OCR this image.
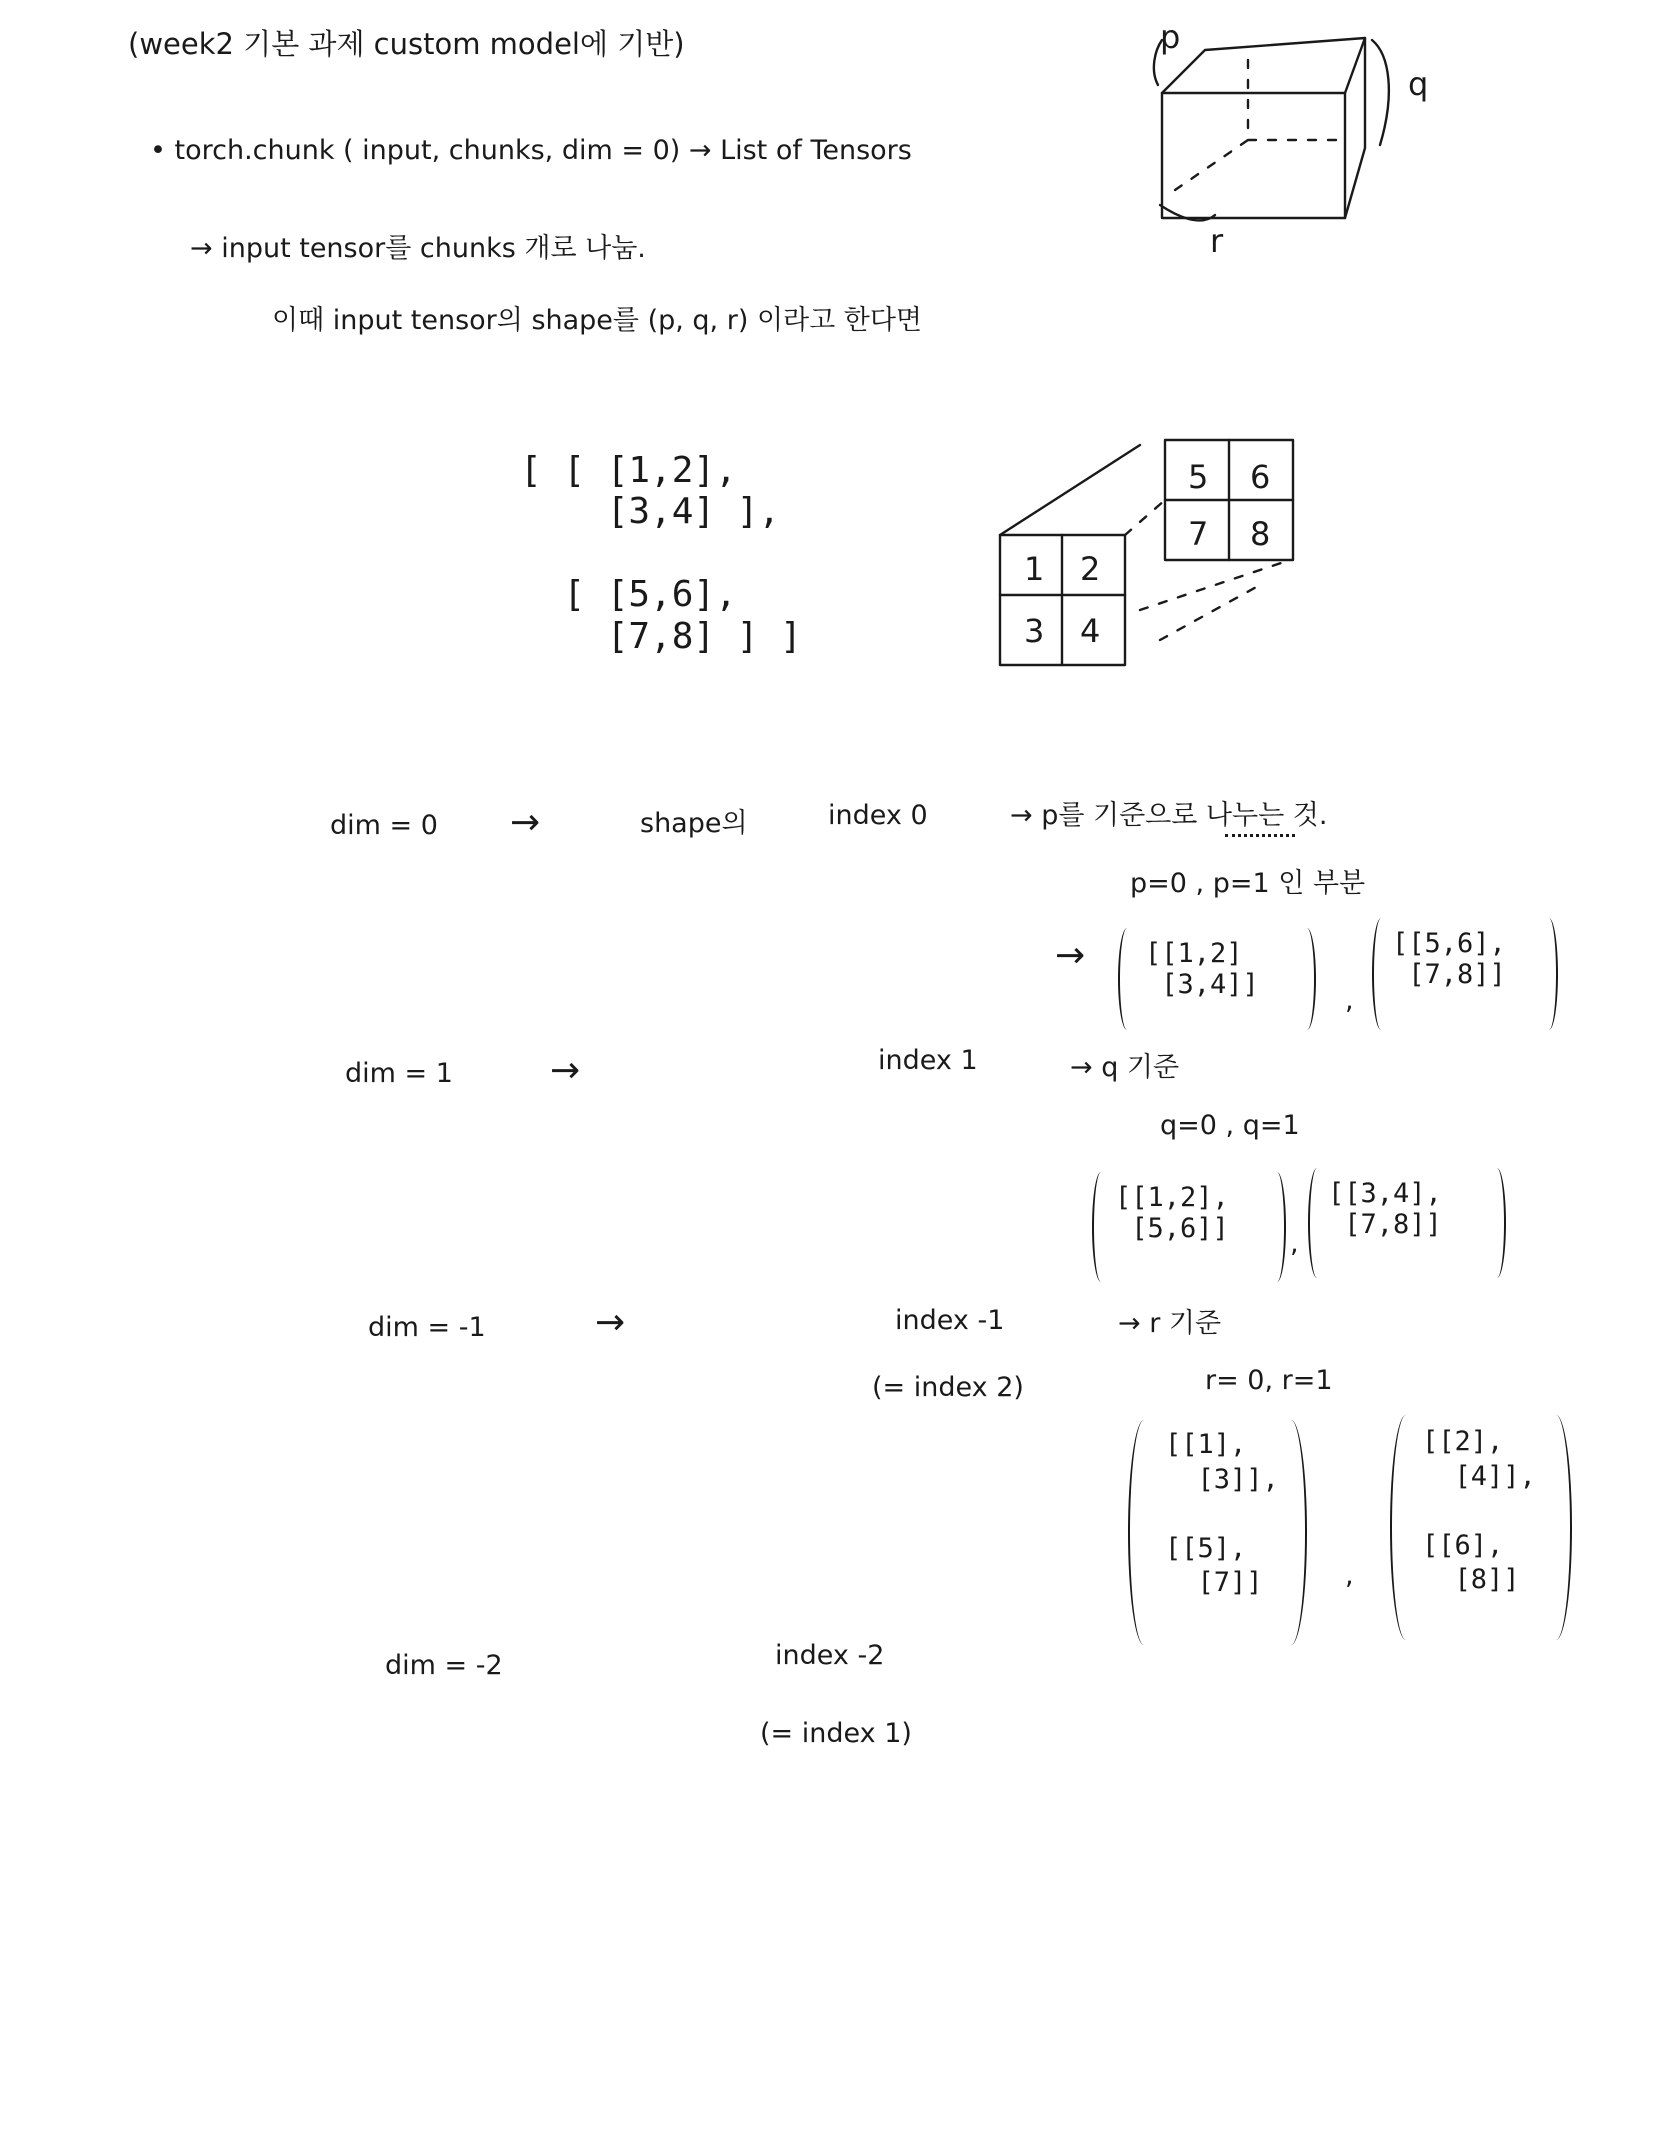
(week2 기본 과제 custom model에 기반)
• torch.chunk ( input, chunks, dim = 0) → List of Tensors
→ input tensor를 chunks 개로 나눔.
이때 input tensor의 shape를 (p, q, r) 이라고 한다면
p
q
r
[ [ [1,2],
[3,4] ],

[ [5,6],
[7,8] ] ]
1 2
3 4
5 6
7 8
dim = 0 →	shape의	index 0	→ p를 기준으로 나누는 것.
p=0 , p=1 인 부분
→ [[1,2]
[3,4]]
,
[[5,6],
[7,8]]
dim = 1	→	index 1	→ q 기준
q=0 , q=1
[[1,2],
[5,6]] ,
[[3,4],
[7,8]]
dim = -1	→	index -1
(= index 2)
→ r 기준
r= 0, r=1
[[1],
[3]],

[[5],
[7]]	,
[[2],
[4]],

[[6],
[8]]
dim = -2	index -2
(= index 1)
